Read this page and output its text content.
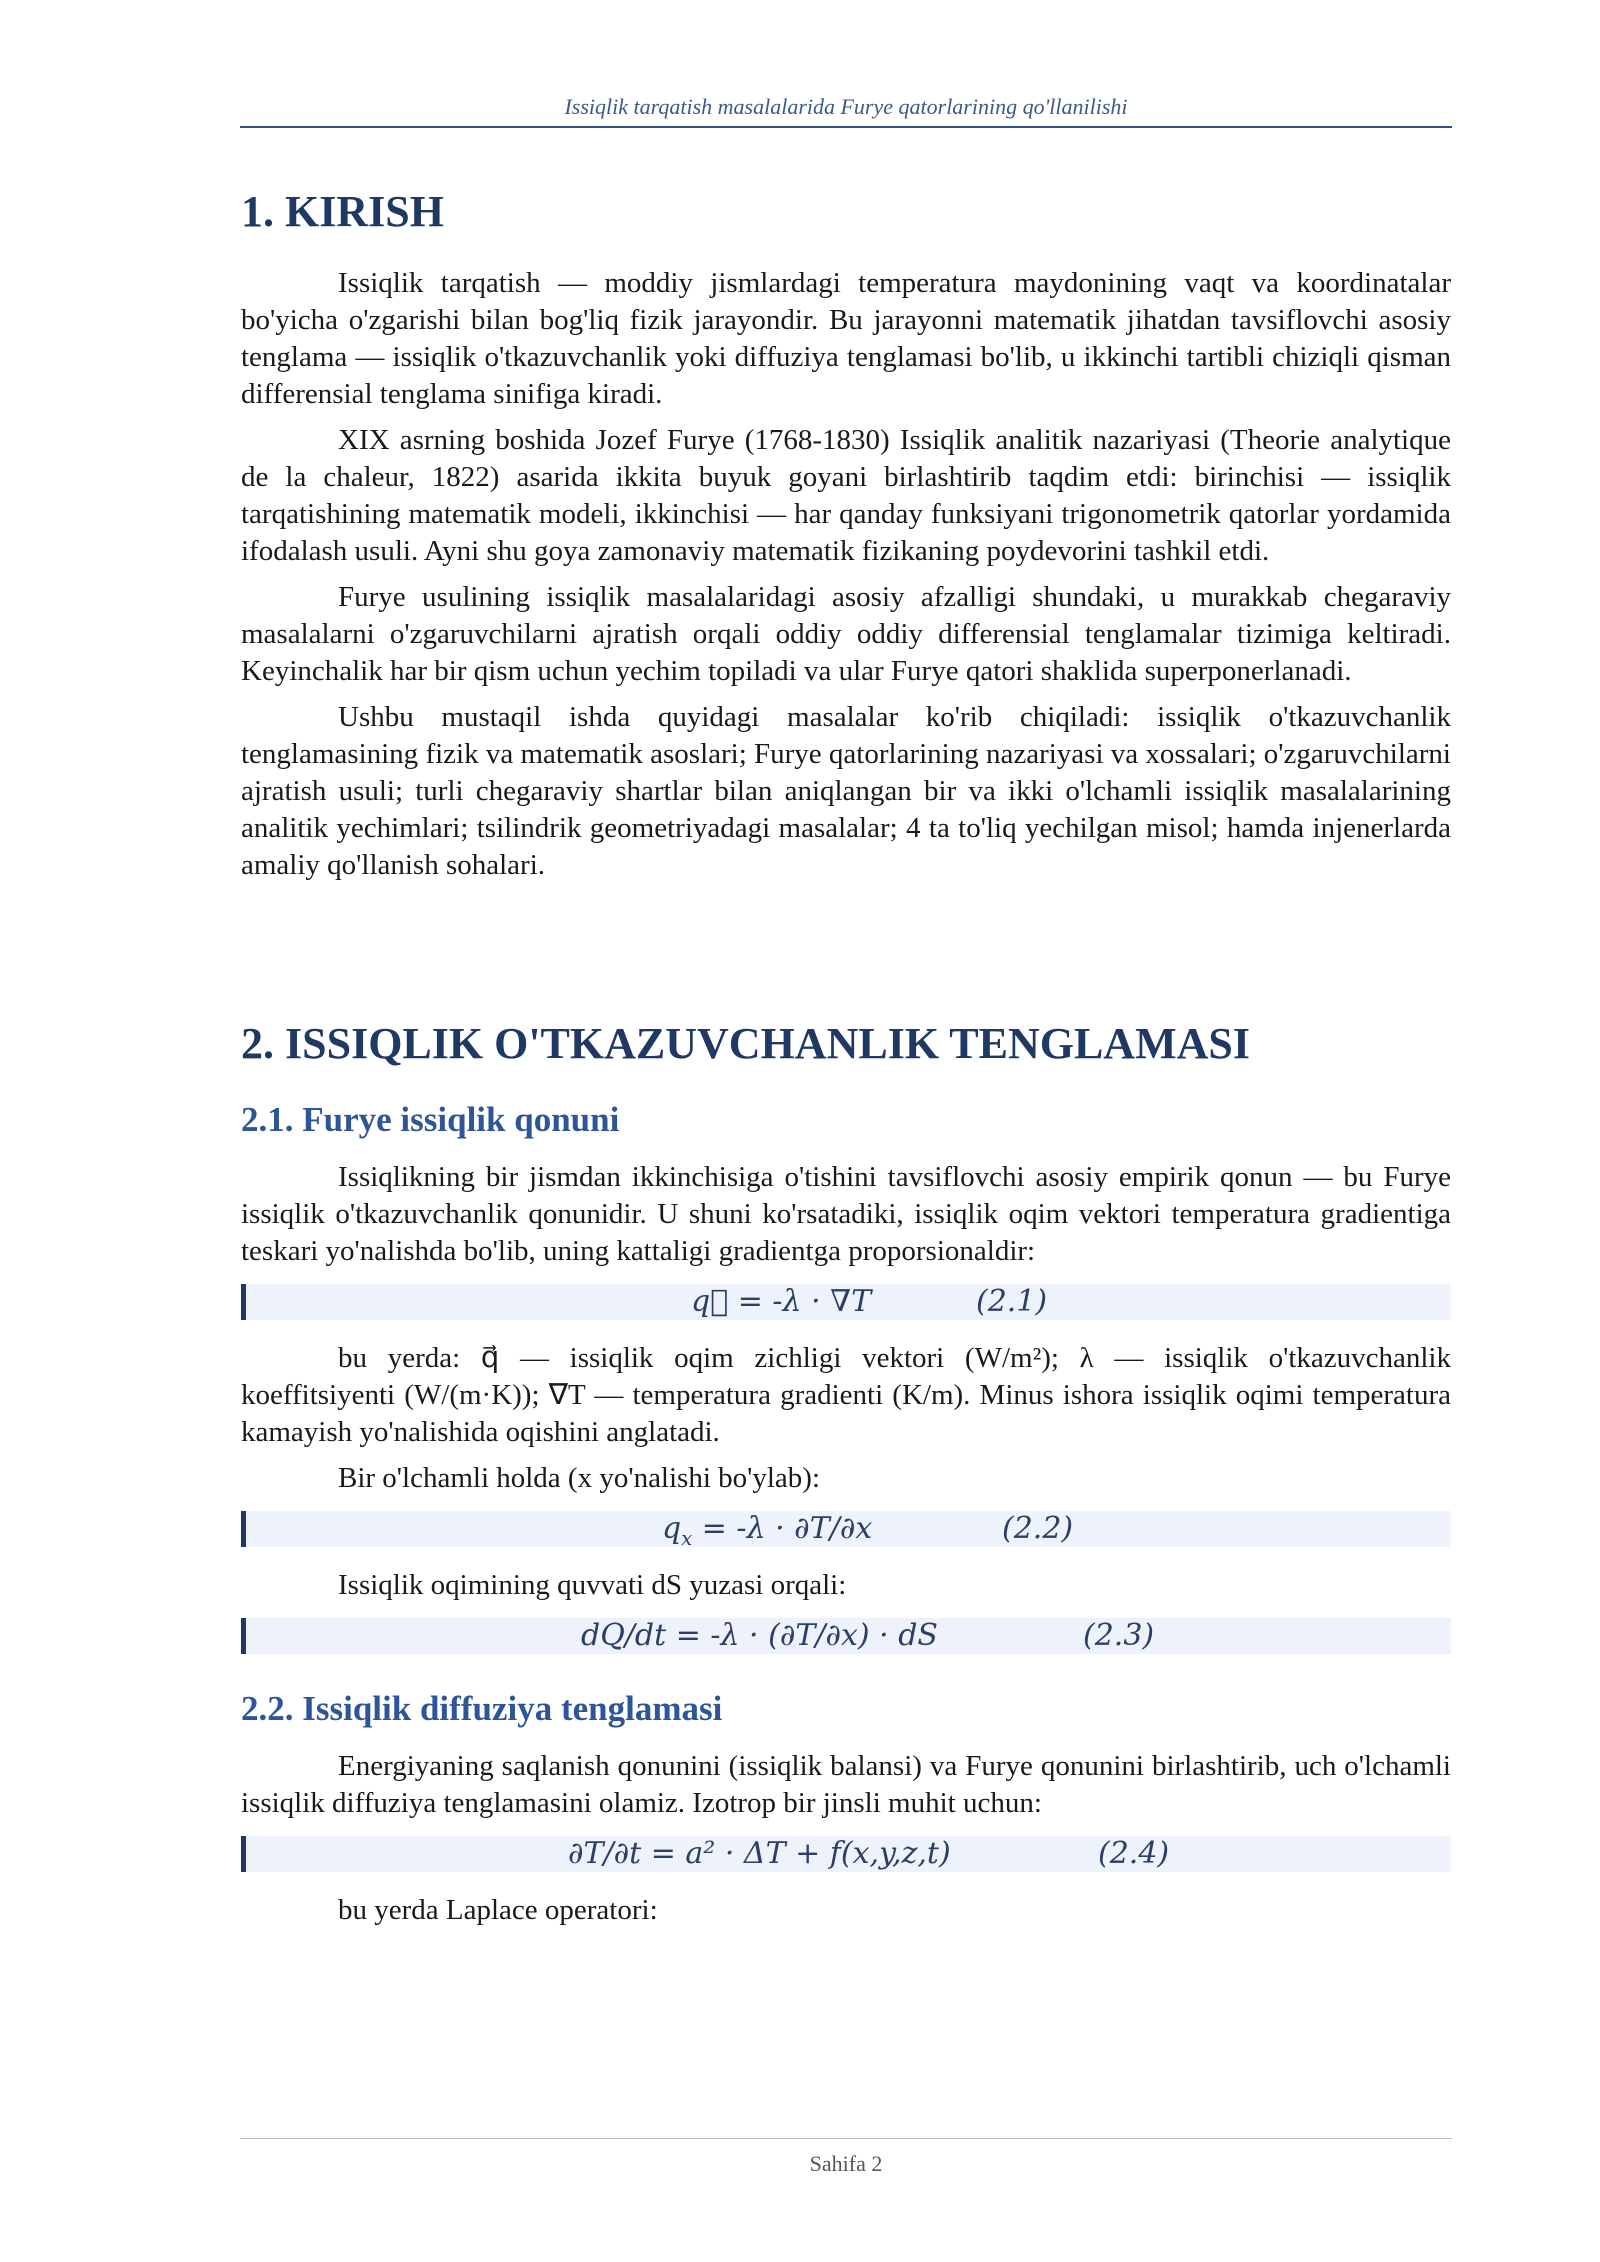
Issiqlik tarqatish masalalarida Furye qatorlarining qo'llanilishi
1. KIRISH

Issiqlik tarqatish — moddiy jismlardagi temperatura maydonining vaqt va koordinatalar bo'yicha o'zgarishi bilan bog'liq fizik jarayondir. Bu jarayonni matematik jihatdan tavsiflovchi asosiy tenglama — issiqlik o'tkazuvchanlik yoki diffuziya tenglamasi bo'lib, u ikkinchi tartibli chiziqli qisman differensial tenglama sinifiga kiradi.

XIX asrning boshida Jozef Furye (1768-1830) Issiqlik analitik nazariyasi (Theorie analytique de la chaleur, 1822) asarida ikkita buyuk goyani birlashtirib taqdim etdi: birinchisi — issiqlik tarqatishining matematik modeli, ikkinchisi — har qanday funksiyani trigonometrik qatorlar yordamida ifodalash usuli. Ayni shu goya zamonaviy matematik fizikaning poydevorini tashkil etdi.

Furye usulining issiqlik masalalaridagi asosiy afzalligi shundaki, u murakkab chegaraviy masalalarni o'zgaruvchilarni ajratish orqali oddiy oddiy differensial tenglamalar tizimiga keltiradi. Keyinchalik har bir qism uchun yechim topiladi va ular Furye qatori shaklida superponerlanadi.

Ushbu mustaqil ishda quyidagi masalalar ko'rib chiqiladi: issiqlik o'tkazuvchanlik tenglamasining fizik va matematik asoslari; Furye qatorlarining nazariyasi va xossalari; o'zgaruvchilarni ajratish usuli; turli chegaraviy shartlar bilan aniqlangan bir va ikki o'lchamli issiqlik masalalarining analitik yechimlari; tsilindrik geometriyadagi masalalar; 4 ta to'liq yechilgan misol; hamda injenerlarda amaliy qo'llanish sohalari.

2. ISSIQLIK O'TKAZUVCHANLIK TENGLAMASI
2.1. Furye issiqlik qonuni

Issiqlikning bir jismdan ikkinchisiga o'tishini tavsiflovchi asosiy empirik qonun — bu Furye issiqlik o'tkazuvchanlik qonunidir. U shuni ko'rsatadiki, issiqlik oqim vektori temperatura gradientiga teskari yo'nalishda bo'lib, uning kattaligi gradientga proporsionaldir:

q⃗ = -λ · ∇T	(2.1)

bu yerda: q⃗ — issiqlik oqim zichligi vektori (W/m²); λ — issiqlik o'tkazuvchanlik koeffitsiyenti (W/(m·K)); ∇T — temperatura gradienti (K/m). Minus ishora issiqlik oqimi temperatura kamayish yo'nalishida oqishini anglatadi.

Bir o'lchamli holda (x yo'nalishi bo'ylab):

$q_x = -\lambda \cdot \partial T/\partial x$	(2.2)

Issiqlik oqimining quvvati dS yuzasi orqali:

dQ/dt = -λ · (∂T/∂x) · dS	(2.3)
2.2. Issiqlik diffuziya tenglamasi

Energiyaning saqlanish qonunini (issiqlik balansi) va Furye qonunini birlashtirib, uch o'lchamli issiqlik diffuziya tenglamasini olamiz. Izotrop bir jinsli muhit uchun:

∂T/∂t = a² · ΔT + f(x,y,z,t)	(2.4)

bu yerda Laplace operatori:

Sahifa 2
